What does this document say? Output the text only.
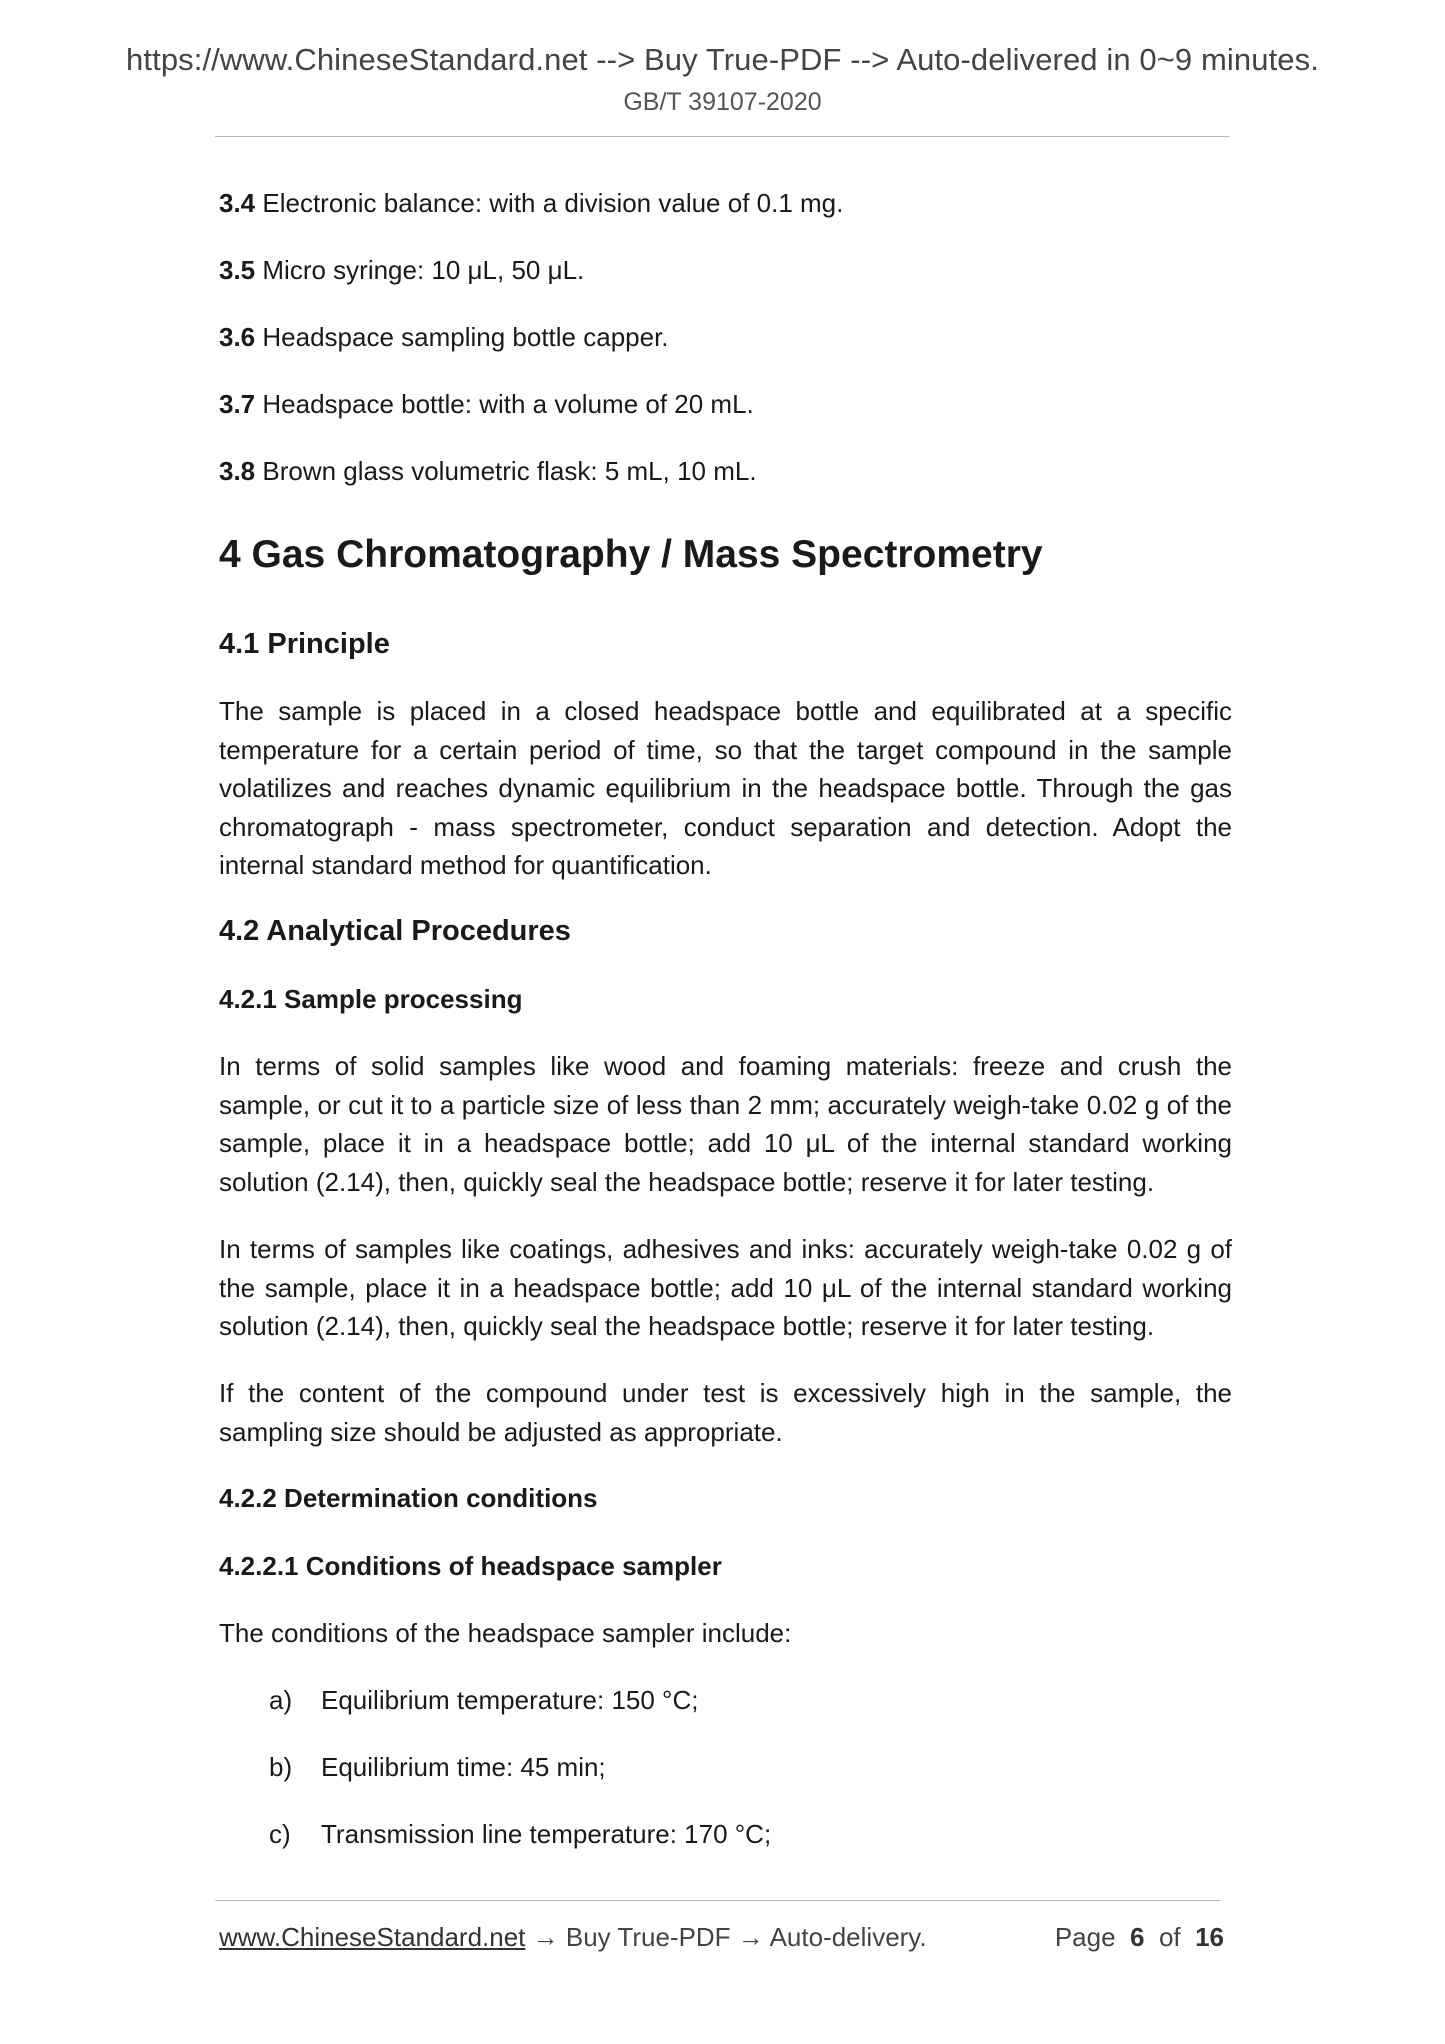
https://www.ChineseStandard.net --> Buy True-PDF --> Auto-delivered in 0~9 minutes.
GB/T 39107-2020
3.4 Electronic balance: with a division value of 0.1 mg.
3.5 Micro syringe: 10 μL, 50 μL.
3.6 Headspace sampling bottle capper.
3.7 Headspace bottle: with a volume of 20 mL.
3.8 Brown glass volumetric flask: 5 mL, 10 mL.
4 Gas Chromatography / Mass Spectrometry
4.1 Principle
The sample is placed in a closed headspace bottle and equilibrated at a specific temperature for a certain period of time, so that the target compound in the sample volatilizes and reaches dynamic equilibrium in the headspace bottle. Through the gas chromatograph - mass spectrometer, conduct separation and detection. Adopt the internal standard method for quantification.
4.2 Analytical Procedures
4.2.1 Sample processing
In terms of solid samples like wood and foaming materials: freeze and crush the sample, or cut it to a particle size of less than 2 mm; accurately weigh-take 0.02 g of the sample, place it in a headspace bottle; add 10 μL of the internal standard working solution (2.14), then, quickly seal the headspace bottle; reserve it for later testing.
In terms of samples like coatings, adhesives and inks: accurately weigh-take 0.02 g of the sample, place it in a headspace bottle; add 10 μL of the internal standard working solution (2.14), then, quickly seal the headspace bottle; reserve it for later testing.
If the content of the compound under test is excessively high in the sample, the sampling size should be adjusted as appropriate.
4.2.2 Determination conditions
4.2.2.1 Conditions of headspace sampler
The conditions of the headspace sampler include:
a) Equilibrium temperature: 150 °C;
b) Equilibrium time: 45 min;
c) Transmission line temperature: 170 °C;
www.ChineseStandard.net → Buy True-PDF → Auto-delivery.	Page 6 of 16
